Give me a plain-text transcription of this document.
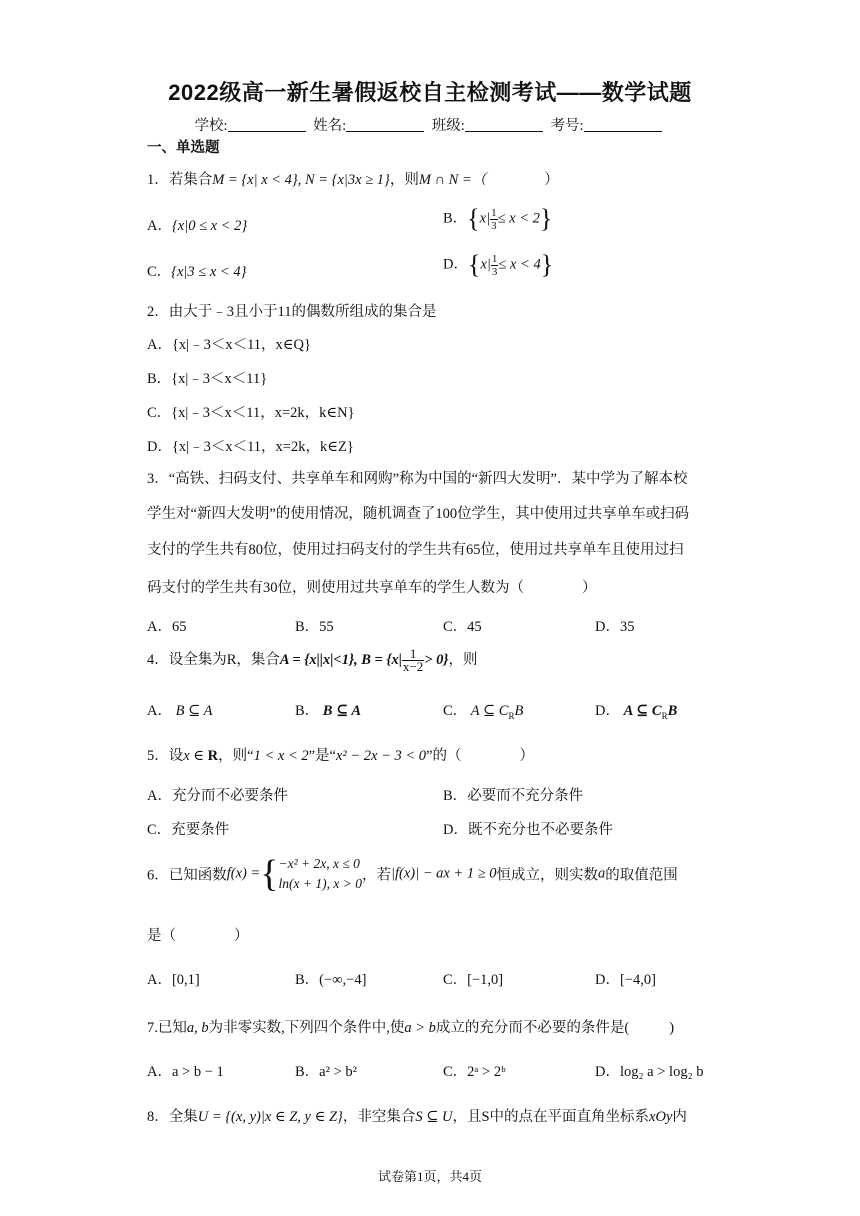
2022级高一新生暑假返校自主检测考试——数学试题
学校:	姓名:	班级:	考号:
一、单选题
1．若集合M = {x| x < 4}, N = {x|3x ≥ 1}，则M ∩ N =（	）
A．{x|0 ≤ x < 2}	B．$\{x| \frac{1}{3} \le x < 2\}$
C．{x|3 ≤ x < 4}	D．$\{x| \frac{1}{3} \le x < 4\}$
2．由大于﹣3且小于11的偶数所组成的集合是
A．{x|﹣3＜x＜11，x∈Q}
B．{x|﹣3＜x＜11}
C．{x|﹣3＜x＜11，x=2k，k∈N}
D．{x|﹣3＜x＜11，x=2k，k∈Z}
3．“高铁、扫码支付、共享单车和网购”称为中国的“新四大发明”．某中学为了解本校
学生对“新四大发明”的使用情况，随机调查了100位学生，其中使用过共享单车或扫码
支付的学生共有80位，使用过扫码支付的学生共有65位，使用过共享单车且使用过扫
码支付的学生共有30位，则使用过共享单车的学生人数为（	）
A．65	B．55	C．45	D．35
4．设全集为R，集合A = {x||x|<1}, $B = \{x| \frac{1}{x-2} > 0\}$，则
A． B ⊆ A	B． B ⊆ A	C． A ⊆ $C_RB$	D． A ⊆ $C_RB$
5．设x ∈ R，则“1 < x < 2”是“x² − 2x − 3 < 0”的（	）
A．充分而不必要条件	B．必要而不充分条件
C．充要条件	D．既不充分也不必要条件
6．已知函数f(x) ={ −x² + 2x, x ≤ 0
ln(x + 1), x > 0 ，若|f(x)| − ax + 1 ≥ 0恒成立，则实数a的取值范围
是（	）
A．[0,1]	B．(−∞,−4]	C．[−1,0]	D．[−4,0]
7.已知a, b为非零实数,下列四个条件中,使a > b成立的充分而不必要的条件是(	)
A．a > b − 1	B．a² > b²	C．2ᵃ > 2ᵇ	D．log₂ a > log₂ b
8．全集U = {(x, y)|x ∈ Z, y ∈ Z}，非空集合S ⊆ U，且S中的点在平面直角坐标系xOy内
试卷第1页，共4页
